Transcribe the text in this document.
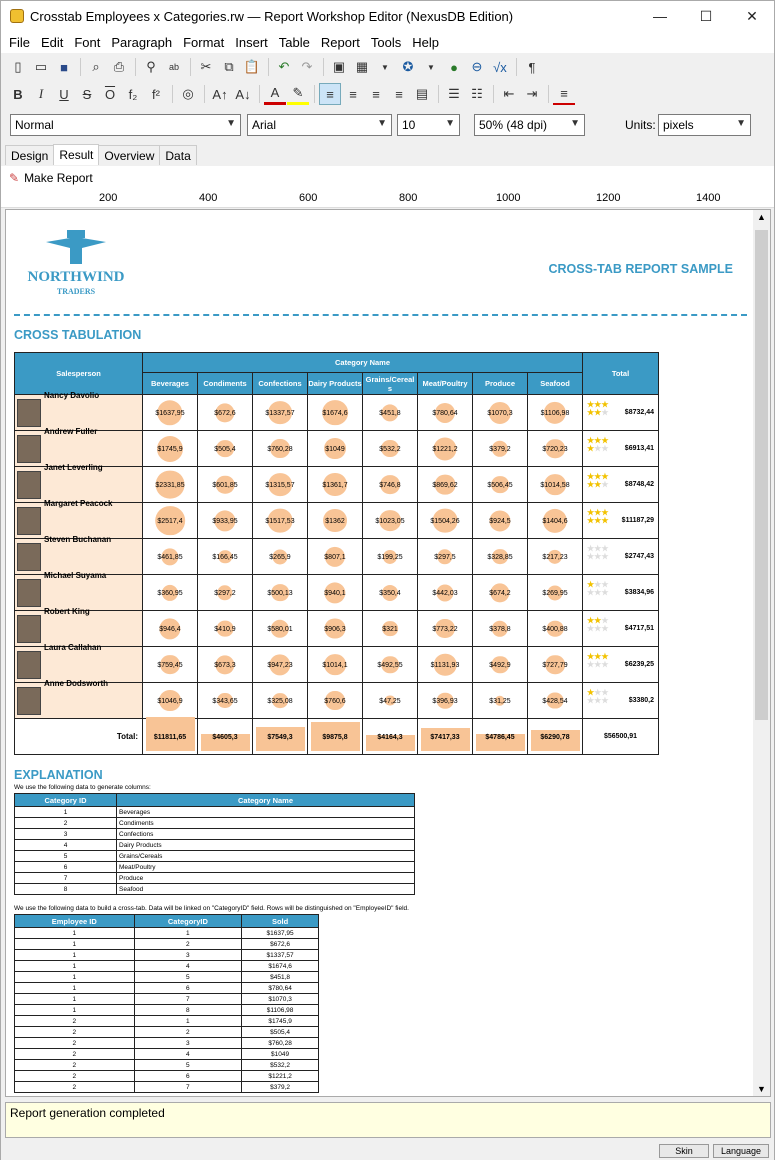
Crosstab Employees x Categories.rw — Report Workshop Editor (NexusDB Edition)	—	☐	✕
File Edit Font Paragraph Format Insert Table Report Tools Help
▯	▭ ■	⌕	⎙	⚲	ab	✂ ⧉ 📋	↶ ↷	▣ ▦	▼	✪	▼	●	⊖ √x	¶
B	I	U	S	$\overline{O}$	f₂	f²	◎	A↑ A↓	A	✎	≡	≡	≡	≡	▤	☰ ☷	⇤ ⇥	≡
Normal	▼	Arial	▼	10	▼	50% (48 dpi) ▼	Units: pixels	▼
Design Result Overview Data
✎ Make Report
200	400	600	800	1000	1200	1400
NORTHWIND
TRADERS
CROSS-TAB REPORT SAMPLE
CROSS TABULATION
Salesperson	Category Name								Total
	Beverages	Condiments	Confections	Dairy Products	Grains/Cereal s	Meat/Poultry	Produce	Seafood	
Nancy Davolio	$1637,95	$672,6	$1337,57	$1674,6	$451,8	$780,64	$1070,3	$1106,98	★★★
★★★ $8732,44
Andrew Fuller	$1745,9	$505,4	$760,28	$1049	$532,2	$1221,2	$379,2	$720,23	★★★
★★★ $6913,41
Janet Leverling	$2331,85	$601,85	$1315,57	$1361,7	$746,8	$869,62	$506,45	$1014,58	★★★
★★★ $8748,42
Margaret Peacock	$2517,4	$933,95	$1517,53	$1362	$1023,05	$1504,26	$924,5	$1404,6	★★★
★★★ $11187,29
Steven Buchanan	$461,85	$166,45	$265,9	$807,1	$199,25	$297,5	$328,85	$217,23	★★★
★★★ $2747,43
Michael Suyama	$360,95	$297,2	$500,13	$940,1	$350,4	$442,03	$674,2	$269,95	★★★
★★★ $3834,96
Robert King	$946,4	$410,9	$580,01	$906,3	$321	$773,22	$378,8	$400,88	★★★
★★★ $4717,51
Laura Callahan	$759,45	$673,3	$947,23	$1014,1	$492,55	$1131,93	$492,9	$727,79	★★★
★★★ $6239,25
Anne Dodsworth	$1046,9	$343,65	$325,08	$760,6	$47,25	$396,93	$31,25	$428,54	★★★
★★★ $3380,2
Total:	$11811,65	$4605,3	$7549,3	$9875,8	$4164,3	$7417,33	$4786,45	$6290,78	$56500,91
EXPLANATION
We use the following data to generate columns:
Category ID	Category Name
1	Beverages
2	Condiments
3	Confections
4	Dairy Products
5	Grains/Cereals
6	Meat/Poultry
7	Produce
8	Seafood
We use the following data to build a cross-tab. Data will be linked on "CategoryID" field. Rows will be distinguished on "EmployeeID" field.
Employee ID	CategoryID	Sold
1	1	$1637,95
1	2	$672,6
1	3	$1337,57
1	4	$1674,6
1	5	$451,8
1	6	$780,64
1	7	$1070,3
1	8	$1106,98
2	1	$1745,9
2	2	$505,4
2	3	$760,28
2	4	$1049
2	5	$532,2
2	6	$1221,2
2	7	$379,2
▲
▼
Report generation completed
Skin	Language
